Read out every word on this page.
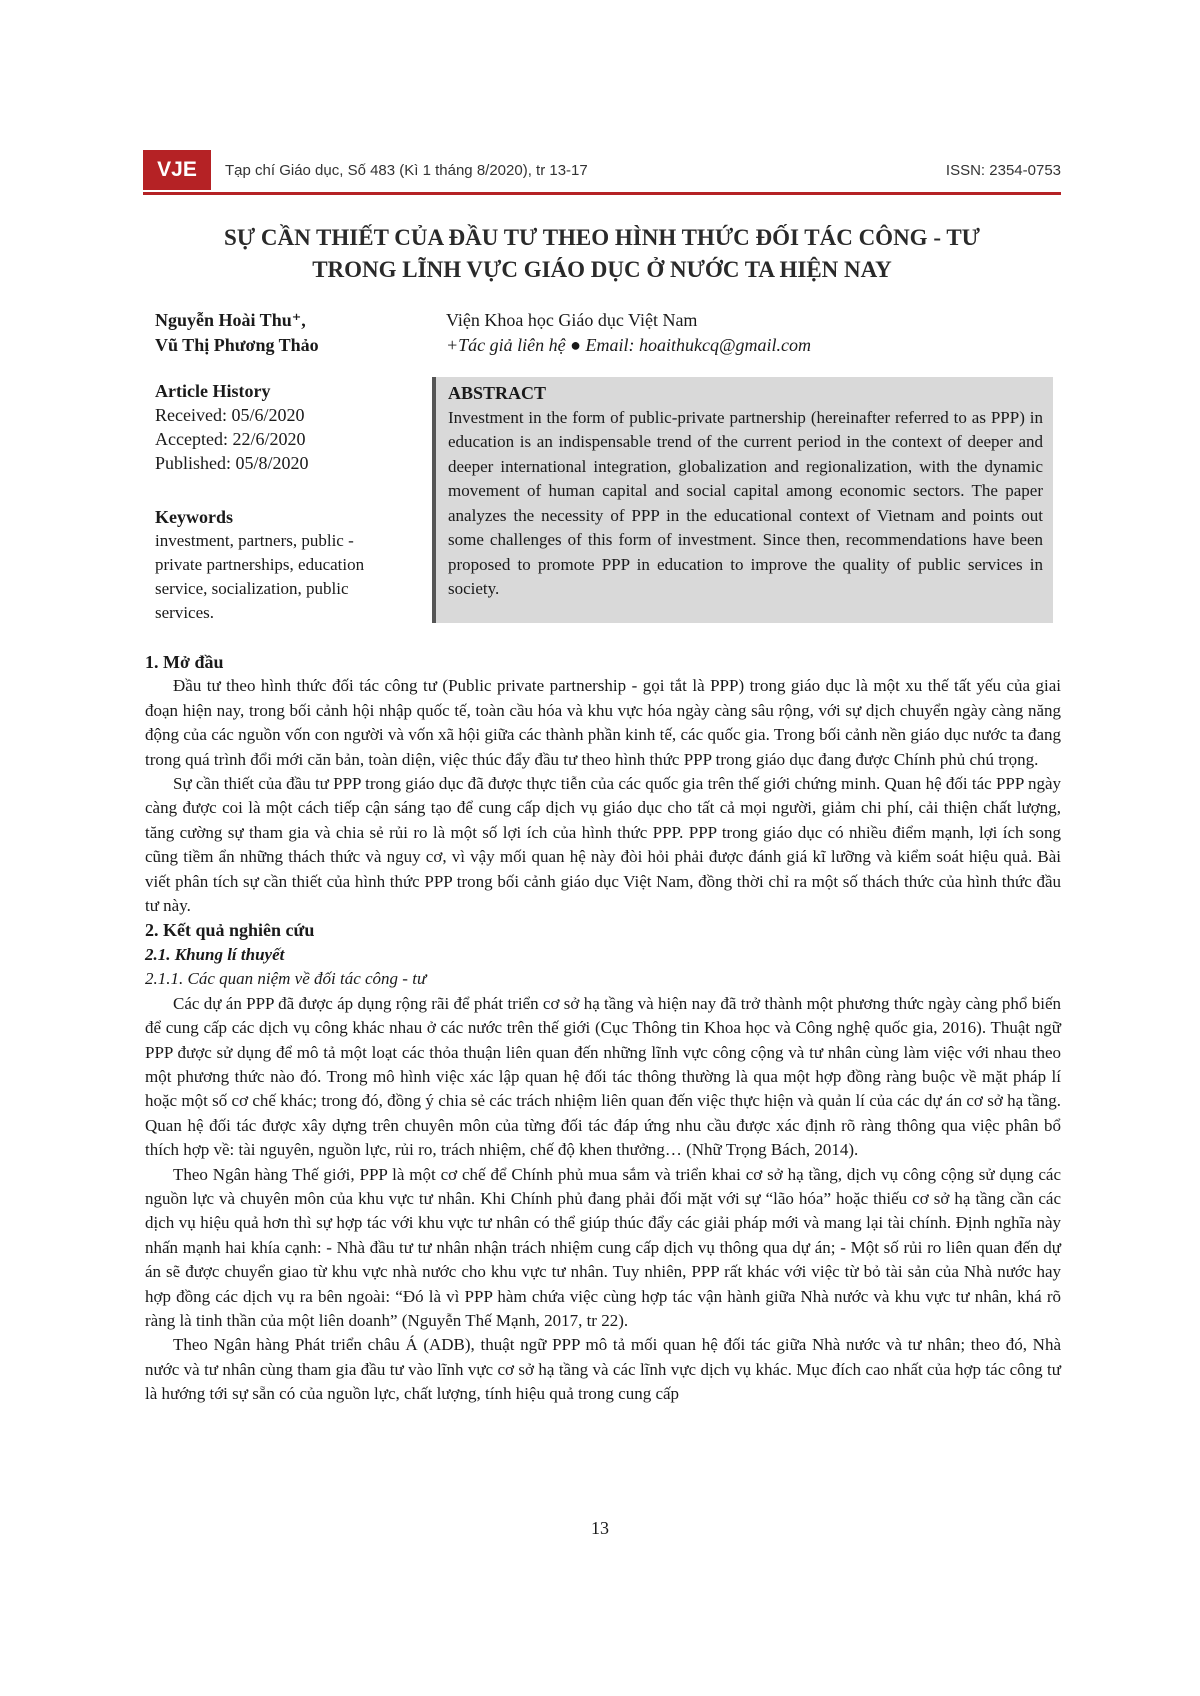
VJE	Tạp chí Giáo dục, Số 483 (Kì 1 tháng 8/2020), tr 13-17	ISSN: 2354-0753
SỰ CẦN THIẾT CỦA ĐẦU TƯ THEO HÌNH THỨC ĐỐI TÁC CÔNG - TƯ
TRONG LĨNH VỰC GIÁO DỤC Ở NƯỚC TA HIỆN NAY
Nguyễn Hoài Thu⁺,
Vũ Thị Phương Thảo
Viện Khoa học Giáo dục Việt Nam
+Tác giả liên hệ ● Email: hoaithukcq@gmail.com
Article History
Received: 05/6/2020
Accepted: 22/6/2020
Published: 05/8/2020
Keywords
investment, partners, public - private partnerships, education service, socialization, public services.
ABSTRACT
Investment in the form of public-private partnership (hereinafter referred to as PPP) in education is an indispensable trend of the current period in the context of deeper and deeper international integration, globalization and regionalization, with the dynamic movement of human capital and social capital among economic sectors. The paper analyzes the necessity of PPP in the educational context of Vietnam and points out some challenges of this form of investment. Since then, recommendations have been proposed to promote PPP in education to improve the quality of public services in society.
1. Mở đầu

Đầu tư theo hình thức đối tác công tư (Public private partnership - gọi tắt là PPP) trong giáo dục là một xu thế tất yếu của giai đoạn hiện nay, trong bối cảnh hội nhập quốc tế, toàn cầu hóa và khu vực hóa ngày càng sâu rộng, với sự dịch chuyển ngày càng năng động của các nguồn vốn con người và vốn xã hội giữa các thành phần kinh tế, các quốc gia. Trong bối cảnh nền giáo dục nước ta đang trong quá trình đổi mới căn bản, toàn diện, việc thúc đẩy đầu tư theo hình thức PPP trong giáo dục đang được Chính phủ chú trọng.

Sự cần thiết của đầu tư PPP trong giáo dục đã được thực tiễn của các quốc gia trên thế giới chứng minh. Quan hệ đối tác PPP ngày càng được coi là một cách tiếp cận sáng tạo để cung cấp dịch vụ giáo dục cho tất cả mọi người, giảm chi phí, cải thiện chất lượng, tăng cường sự tham gia và chia sẻ rủi ro là một số lợi ích của hình thức PPP. PPP trong giáo dục có nhiều điểm mạnh, lợi ích song cũng tiềm ẩn những thách thức và nguy cơ, vì vậy mối quan hệ này đòi hỏi phải được đánh giá kĩ lưỡng và kiểm soát hiệu quả. Bài viết phân tích sự cần thiết của hình thức PPP trong bối cảnh giáo dục Việt Nam, đồng thời chỉ ra một số thách thức của hình thức đầu tư này.

2. Kết quả nghiên cứu
2.1. Khung lí thuyết
2.1.1. Các quan niệm về đối tác công - tư

Các dự án PPP đã được áp dụng rộng rãi để phát triển cơ sở hạ tầng và hiện nay đã trở thành một phương thức ngày càng phổ biến để cung cấp các dịch vụ công khác nhau ở các nước trên thế giới (Cục Thông tin Khoa học và Công nghệ quốc gia, 2016). Thuật ngữ PPP được sử dụng để mô tả một loạt các thỏa thuận liên quan đến những lĩnh vực công cộng và tư nhân cùng làm việc với nhau theo một phương thức nào đó. Trong mô hình việc xác lập quan hệ đối tác thông thường là qua một hợp đồng ràng buộc về mặt pháp lí hoặc một số cơ chế khác; trong đó, đồng ý chia sẻ các trách nhiệm liên quan đến việc thực hiện và quản lí của các dự án cơ sở hạ tầng. Quan hệ đối tác được xây dựng trên chuyên môn của từng đối tác đáp ứng nhu cầu được xác định rõ ràng thông qua việc phân bổ thích hợp về: tài nguyên, nguồn lực, rủi ro, trách nhiệm, chế độ khen thưởng… (Nhữ Trọng Bách, 2014).

Theo Ngân hàng Thế giới, PPP là một cơ chế để Chính phủ mua sắm và triển khai cơ sở hạ tầng, dịch vụ công cộng sử dụng các nguồn lực và chuyên môn của khu vực tư nhân. Khi Chính phủ đang phải đối mặt với sự “lão hóa” hoặc thiếu cơ sở hạ tầng cần các dịch vụ hiệu quả hơn thì sự hợp tác với khu vực tư nhân có thể giúp thúc đẩy các giải pháp mới và mang lại tài chính. Định nghĩa này nhấn mạnh hai khía cạnh: - Nhà đầu tư tư nhân nhận trách nhiệm cung cấp dịch vụ thông qua dự án; - Một số rủi ro liên quan đến dự án sẽ được chuyển giao từ khu vực nhà nước cho khu vực tư nhân. Tuy nhiên, PPP rất khác với việc từ bỏ tài sản của Nhà nước hay hợp đồng các dịch vụ ra bên ngoài: “Đó là vì PPP hàm chứa việc cùng hợp tác vận hành giữa Nhà nước và khu vực tư nhân, khá rõ ràng là tinh thần của một liên doanh” (Nguyễn Thế Mạnh, 2017, tr 22).

Theo Ngân hàng Phát triển châu Á (ADB), thuật ngữ PPP mô tả mối quan hệ đối tác giữa Nhà nước và tư nhân; theo đó, Nhà nước và tư nhân cùng tham gia đầu tư vào lĩnh vực cơ sở hạ tầng và các lĩnh vực dịch vụ khác. Mục đích cao nhất của hợp tác công tư là hướng tới sự sẵn có của nguồn lực, chất lượng, tính hiệu quả trong cung cấp

13
